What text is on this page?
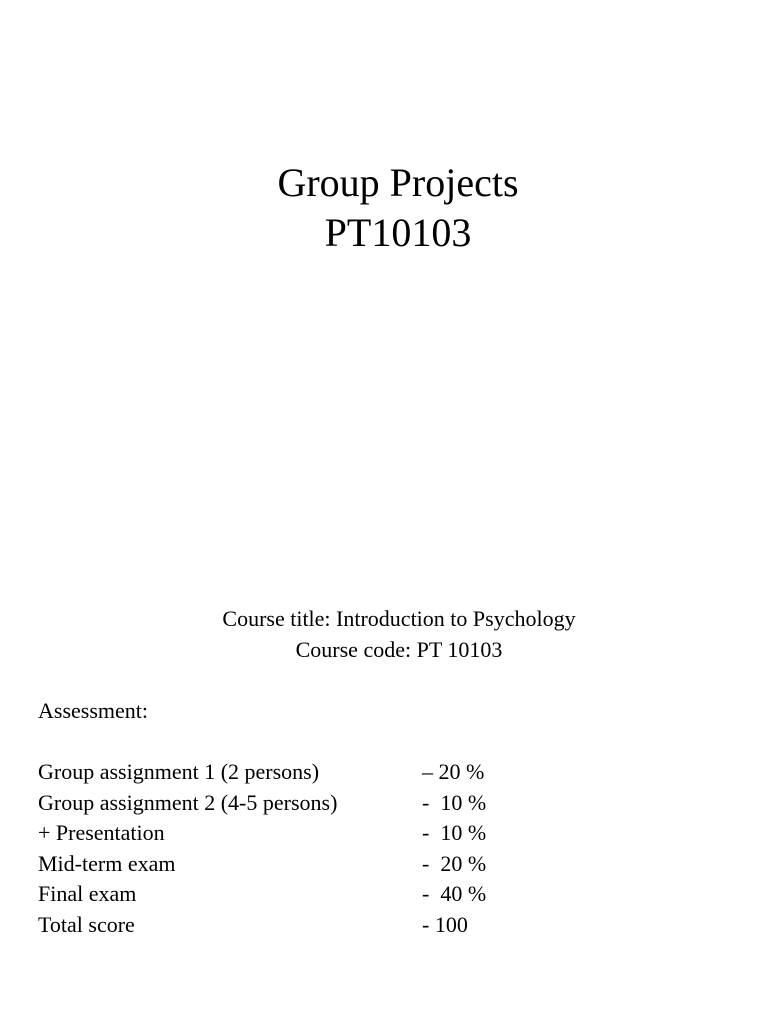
Group Projects
PT10103
Course title: Introduction to Psychology
Course code: PT 10103
Assessment:
Group assignment 1 (2 persons)	– 20 %
Group assignment 2 (4-5 persons)	-  10 %
+ Presentation	-  10 %
Mid-term exam	-  20 %
Final exam	-  40 %
Total score	- 100
